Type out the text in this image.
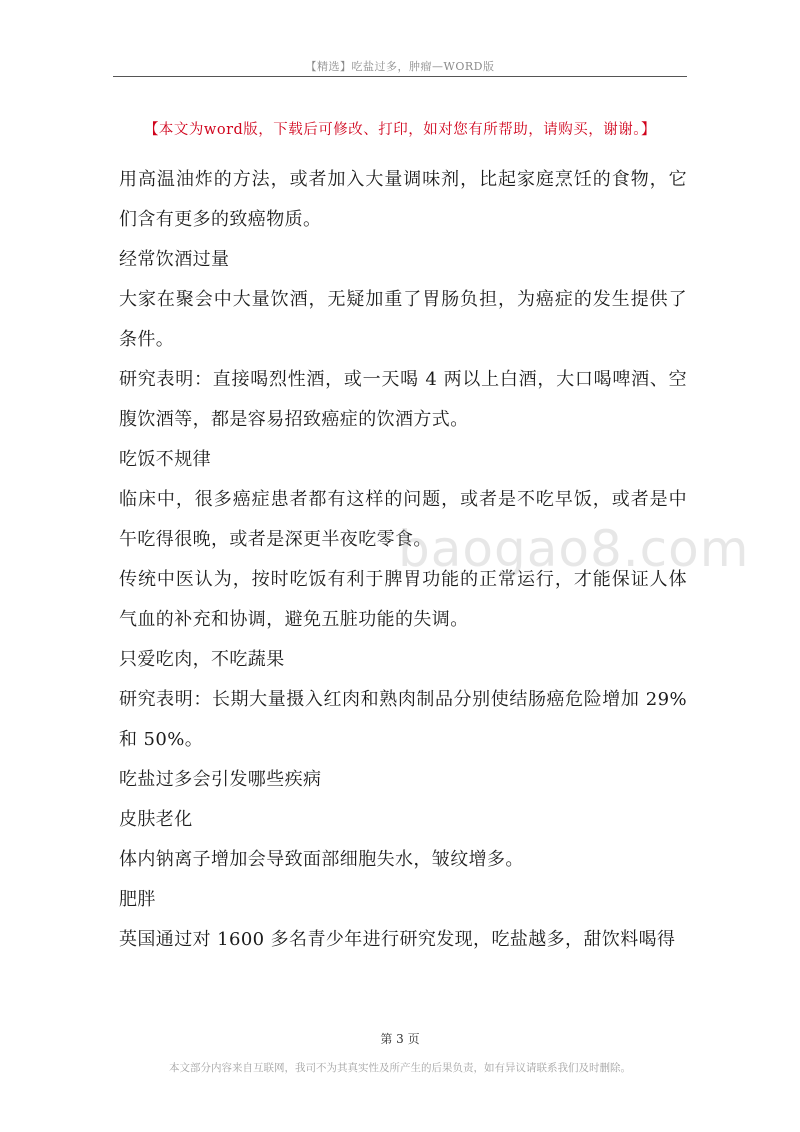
【精选】吃盐过多，肿瘤—WORD版
【本文为word版，下载后可修改、打印，如对您有所帮助，请购买，谢谢。】

用高温油炸的方法，或者加入大量调味剂，比起家庭烹饪的食物，它们含有更多的致癌物质。

经常饮酒过量

大家在聚会中大量饮酒，无疑加重了胃肠负担，为癌症的发生提供了条件。

研究表明：直接喝烈性酒，或一天喝 4 两以上白酒，大口喝啤酒、空腹饮酒等，都是容易招致癌症的饮酒方式。

吃饭不规律

临床中，很多癌症患者都有这样的问题，或者是不吃早饭，或者是中午吃得很晚，或者是深更半夜吃零食。

传统中医认为，按时吃饭有利于脾胃功能的正常运行，才能保证人体气血的补充和协调，避免五脏功能的失调。

只爱吃肉，不吃蔬果

研究表明：长期大量摄入红肉和熟肉制品分别使结肠癌危险增加 29% 和 50%。

吃盐过多会引发哪些疾病

皮肤老化

体内钠离子增加会导致面部细胞失水，皱纹增多。

肥胖

英国通过对 1600 多名青少年进行研究发现，吃盐越多，甜饮料喝得

baogao8.com
第 3 页
本文部分内容来自互联网，我司不为其真实性及所产生的后果负责，如有异议请联系我们及时删除。
